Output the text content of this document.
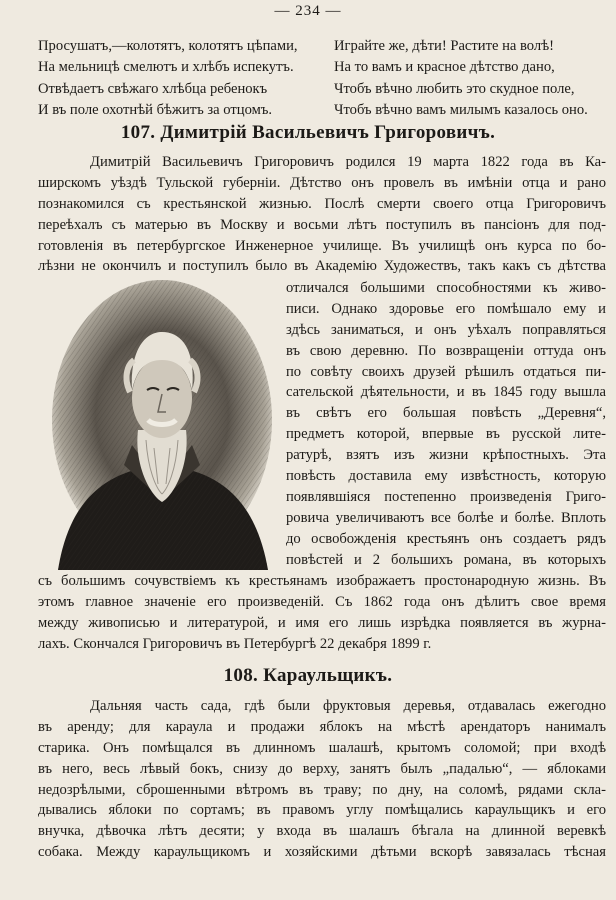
— 234 —
Просушатъ,—колотятъ, колотятъ цѣпами,
На мельницѣ смелютъ и хлѣбъ испекутъ.
Отвѣдаетъ свѣжаго хлѣбца ребенокъ
И въ поле охотнѣй бѣжитъ за отцомъ.
Играйте же, дѣти! Растите на волѣ!
На то вамъ и красное дѣтство дано,
Чтобъ вѣчно любить это скудное поле,
Чтобъ вѣчно вамъ милымъ казалось оно.
107. Димитрій Васильевичъ Григоровичъ.
Димитрій Васильевичъ Григоровичъ родился 19 марта 1822 года въ Ка-
ширскомъ уѣздѣ Тульской губерніи. Дѣтство онъ провелъ въ имѣніи отца и рано
познакомился съ крестьянской жизнью. Послѣ смерти своего отца Григоровичъ
переѣхалъ съ матерью въ Москву и восьми лѣтъ поступилъ въ пансіонъ для под-
готовленія въ петербургское Инженерное училище. Въ училищѣ онъ курса по бо-
лѣзни не окончилъ и поступилъ было въ Академію Художествъ, такъ какъ съ дѣтства
отличался большими способностями къ живо-
писи. Однако здоровье его помѣшало ему и
здѣсь заниматься, и онъ уѣхалъ поправляться
въ свою деревню. По возвращеніи оттуда онъ
по совѣту своихъ друзей рѣшилъ отдаться пи-
сательской дѣятельности, и въ 1845 году вышла
въ свѣтъ его большая повѣсть „Деревня“,
предметъ которой, впервые въ русской лите-
ратурѣ, взятъ изъ жизни крѣпостныхъ. Эта
повѣсть доставила ему извѣстность, которую
появлявшіяся постепенно произведенія Григо-
ровича увеличиваютъ все болѣе и болѣе. Вплоть
до освобожденія крестьянъ онъ создаетъ рядъ
повѣстей и 2 большихъ романа, въ которыхъ
съ большимъ сочувствіемъ къ крестьянамъ изображаетъ простонародную жизнь. Въ
этомъ главное значеніе его произведеній. Съ 1862 года онъ дѣлитъ свое время
между живописью и литературой, и имя его лишь изрѣдка появляется въ журна-
лахъ. Скончался Григоровичъ въ Петербургѣ 22 декабря 1899 г.
108. Караульщикъ.
Дальняя часть сада, гдѣ были фруктовыя деревья, отдавалась ежегодно
въ аренду; для караула и продажи яблокъ на мѣстѣ арендаторъ нанималъ
старика. Онъ помѣщался въ длинномъ шалашѣ, крытомъ соломой; при входѣ
въ него, весь лѣвый бокъ, снизу до верху, занятъ былъ „падалью“, — яблоками
недозрѣлыми, сброшенными вѣтромъ въ траву; по дну, на соломѣ, рядами скла-
дывались яблоки по сортамъ; въ правомъ углу помѣщались караульщикъ и его
внучка, дѣвочка лѣтъ десяти; у входа въ шалашъ бѣгала на длинной веревкѣ
собака. Между караульщикомъ и хозяйскими дѣтьми вскорѣ завязалась тѣсная
